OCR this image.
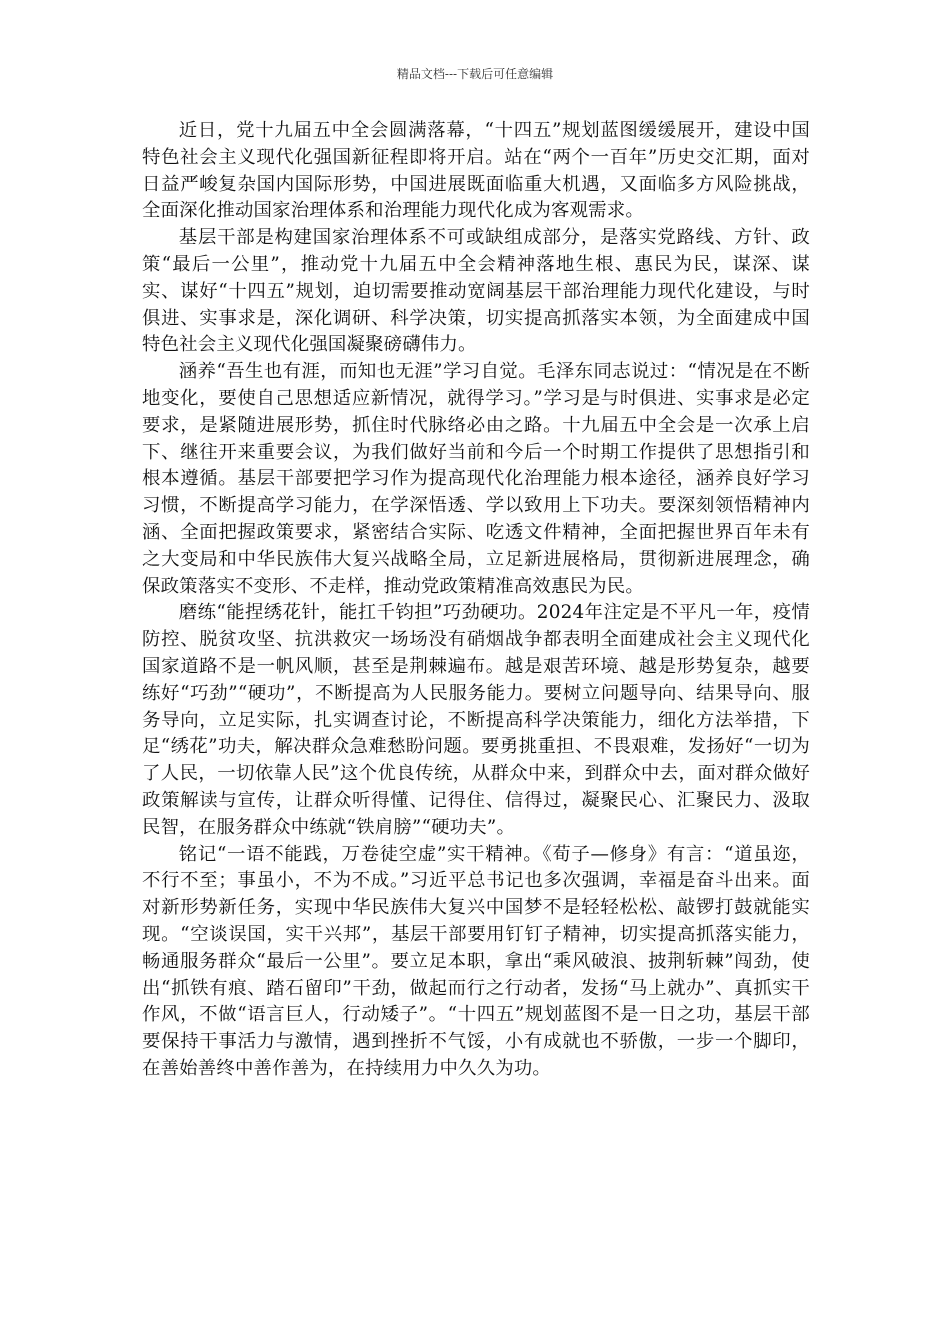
精品文档---下载后可任意编辑

近日，党十九届五中全会圆满落幕，“十四五”规划蓝图缓缓展开，建设中国特色社会主义现代化强国新征程即将开启。站在“两个一百年”历史交汇期，面对日益严峻复杂国内国际形势，中国进展既面临重大机遇，又面临多方风险挑战，全面深化推动国家治理体系和治理能力现代化成为客观需求。

基层干部是构建国家治理体系不可或缺组成部分，是落实党路线、方针、政策“最后一公里”，推动党十九届五中全会精神落地生根、惠民为民，谋深、谋实、谋好“十四五”规划，迫切需要推动宽阔基层干部治理能力现代化建设，与时俱进、实事求是，深化调研、科学决策，切实提高抓落实本领，为全面建成中国特色社会主义现代化强国凝聚磅礴伟力。

涵养“吾生也有涯，而知也无涯”学习自觉。毛泽东同志说过：“情况是在不断地变化，要使自己思想适应新情况，就得学习。”学习是与时俱进、实事求是必定要求，是紧随进展形势，抓住时代脉络必由之路。十九届五中全会是一次承上启下、继往开来重要会议，为我们做好当前和今后一个时期工作提供了思想指引和根本遵循。基层干部要把学习作为提高现代化治理能力根本途径，涵养良好学习习惯，不断提高学习能力，在学深悟透、学以致用上下功夫。要深刻领悟精神内涵、全面把握政策要求，紧密结合实际、吃透文件精神，全面把握世界百年未有之大变局和中华民族伟大复兴战略全局，立足新进展格局，贯彻新进展理念，确保政策落实不变形、不走样，推动党政策精准高效惠民为民。

磨练“能捏绣花针，能扛千钧担”巧劲硬功。2024年注定是不平凡一年，疫情防控、脱贫攻坚、抗洪救灾一场场没有硝烟战争都表明全面建成社会主义现代化国家道路不是一帆风顺，甚至是荆棘遍布。越是艰苦环境、越是形势复杂，越要练好“巧劲”“硬功”，不断提高为人民服务能力。要树立问题导向、结果导向、服务导向，立足实际，扎实调查讨论，不断提高科学决策能力，细化方法举措，下足“绣花”功夫，解决群众急难愁盼问题。要勇挑重担、不畏艰难，发扬好“一切为了人民，一切依靠人民”这个优良传统，从群众中来，到群众中去，面对群众做好政策解读与宣传，让群众听得懂、记得住、信得过，凝聚民心、汇聚民力、汲取民智，在服务群众中练就“铁肩膀”“硬功夫”。

铭记“一语不能践，万卷徒空虚”实干精神。《荀子—修身》有言：“道虽迩，不行不至；事虽小，不为不成。”习近平总书记也多次强调，幸福是奋斗出来。面对新形势新任务，实现中华民族伟大复兴中国梦不是轻轻松松、敲锣打鼓就能实现。“空谈误国，实干兴邦”，基层干部要用钉钉子精神，切实提高抓落实能力，畅通服务群众“最后一公里”。要立足本职，拿出“乘风破浪、披荆斩棘”闯劲，使出“抓铁有痕、踏石留印”干劲，做起而行之行动者，发扬“马上就办”、真抓实干作风，不做“语言巨人，行动矮子”。“十四五”规划蓝图不是一日之功，基层干部要保持干事活力与激情，遇到挫折不气馁，小有成就也不骄傲，一步一个脚印，在善始善终中善作善为，在持续用力中久久为功。
